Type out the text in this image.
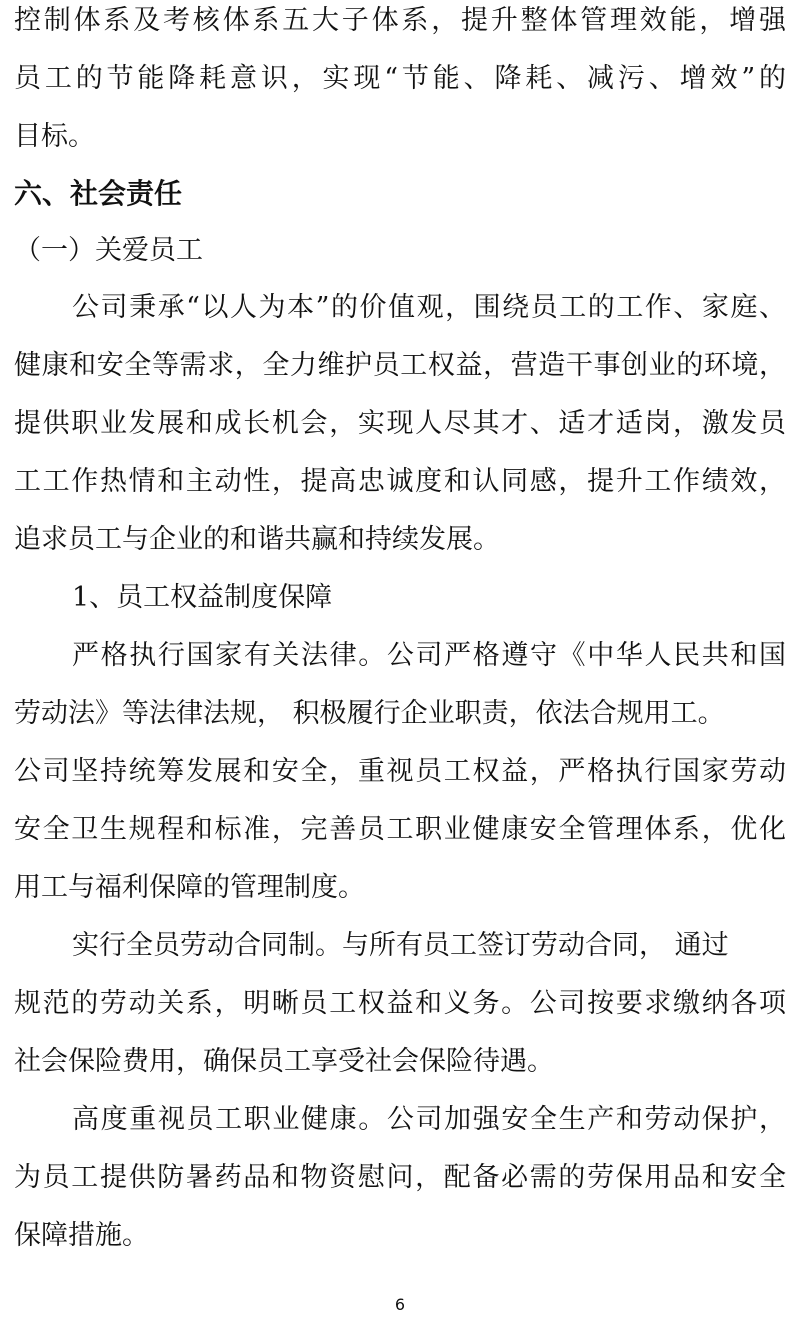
控制体系及考核体系五大子体系，提升整体管理效能，增强
员工的节能降耗意识，实现“节能、降耗、减污、增效”的
目标。
六、社会责任
（一）关爱员工
公司秉承“以人为本”的价值观，围绕员工的工作、家庭、
健康和安全等需求，全力维护员工权益，营造干事创业的环境，
提供职业发展和成长机会，实现人尽其才、适才适岗，激发员
工工作热情和主动性，提高忠诚度和认同感，提升工作绩效，
追求员工与企业的和谐共赢和持续发展。
1、员工权益制度保障
严格执行国家有关法律。公司严格遵守《中华人民共和国
劳动法》等法律法规， 积极履行企业职责，依法合规用工。
公司坚持统筹发展和安全，重视员工权益，严格执行国家劳动
安全卫生规程和标准，完善员工职业健康安全管理体系，优化
用工与福利保障的管理制度。
实行全员劳动合同制。与所有员工签订劳动合同， 通过
规范的劳动关系，明晰员工权益和义务。公司按要求缴纳各项
社会保险费用，确保员工享受社会保险待遇。
高度重视员工职业健康。公司加强安全生产和劳动保护，
为员工提供防暑药品和物资慰问，配备必需的劳保用品和安全
保障措施。
6
